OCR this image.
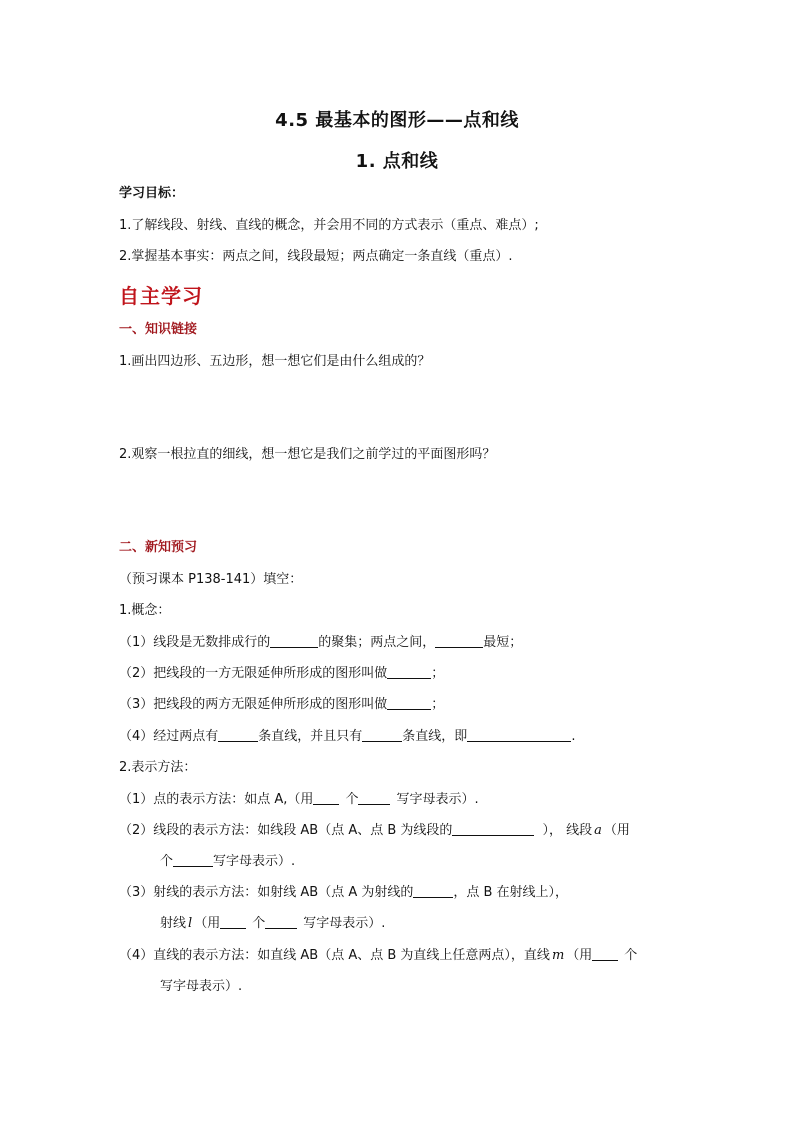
4.5 最基本的图形——点和线
1. 点和线
学习目标：
1.了解线段、射线、直线的概念，并会用不同的方式表示（重点、难点）;
2.掌握基本事实：两点之间，线段最短；两点确定一条直线（重点）.
自主学习
一、知识链接
1.画出四边形、五边形，想一想它们是由什么组成的？
2.观察一根拉直的细线，想一想它是我们之前学过的平面图形吗？
二、新知预习
（预习课本 P138-141）填空：
1.概念：
（1）线段是无数排成行的	的聚集；两点之间，	最短；
（2）把线段的一方无限延伸所形成的图形叫做	；
（3）把线段的两方无限延伸所形成的图形叫做	；
（4）经过两点有	条直线，并且只有	条直线，即	.
2.表示方法：
（1）点的表示方法：如点 A,（用 个	写字母表示）.
（2）线段的表示方法：如线段 AB（点 A、点 B 为线段的	）， 线段 a （用
个	写字母表示）.
（3）射线的表示方法：如射线 AB（点 A 为射线的	，点 B 在射线上），
射线 l （用 个	写字母表示）.
（4）直线的表示方法：如直线 AB（点 A、点 B 为直线上任意两点），直线 m （用 个
写字母表示）.
